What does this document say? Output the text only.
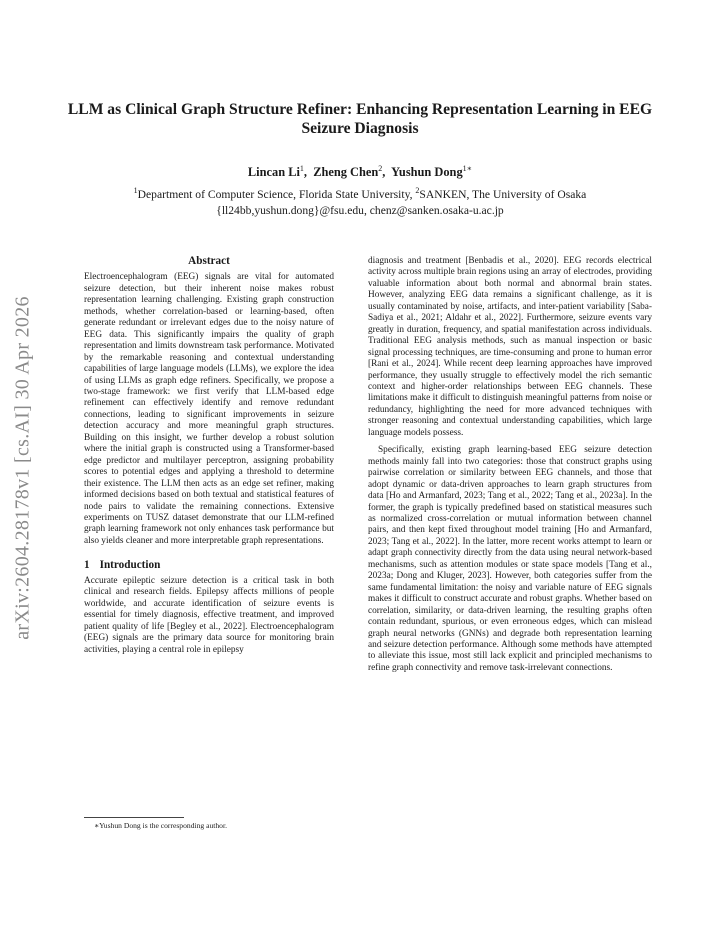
arXiv:2604.28178v1 [cs.AI] 30 Apr 2026
LLM as Clinical Graph Structure Refiner: Enhancing Representation Learning in EEG Seizure Diagnosis
Lincan Li$^1$,  Zheng Chen$^2$,  Yushun Dong$^{1∗}$
$^1$Department of Computer Science, Florida State University, $^2$SANKEN, The University of Osaka
{ll24bb,yushun.dong}@fsu.edu, chenz@sanken.osaka-u.ac.jp
Abstract

Electroencephalogram (EEG) signals are vital for automated seizure detection, but their inherent noise makes robust representation learning challenging. Existing graph construction methods, whether correlation-based or learning-based, often generate redundant or irrelevant edges due to the noisy nature of EEG data. This significantly impairs the quality of graph representation and limits downstream task performance. Motivated by the remarkable reasoning and contextual understanding capabilities of large language models (LLMs), we explore the idea of using LLMs as graph edge refiners. Specifically, we propose a two-stage framework: we first verify that LLM-based edge refinement can effectively identify and remove redundant connections, leading to significant improvements in seizure detection accuracy and more meaningful graph structures. Building on this insight, we further develop a robust solution where the initial graph is constructed using a Transformer-based edge predictor and multilayer perceptron, assigning probability scores to potential edges and applying a threshold to determine their existence. The LLM then acts as an edge set refiner, making informed decisions based on both textual and statistical features of node pairs to validate the remaining connections. Extensive experiments on TUSZ dataset demonstrate that our LLM-refined graph learning framework not only enhances task performance but also yields cleaner and more interpretable graph representations.

1 Introduction

Accurate epileptic seizure detection is a critical task in both clinical and research fields. Epilepsy affects millions of people worldwide, and accurate identification of seizure events is essential for timely diagnosis, effective treatment, and improved patient quality of life [Begley et al., 2022]. Electroencephalogram (EEG) signals are the primary data source for monitoring brain activities, playing a central role in epilepsy

diagnosis and treatment [Benbadis et al., 2020]. EEG records electrical activity across multiple brain regions using an array of electrodes, providing valuable information about both normal and abnormal brain states. However, analyzing EEG data remains a significant challenge, as it is usually contaminated by noise, artifacts, and inter-patient variability [Saba-Sadiya et al., 2021; Aldahr et al., 2022]. Furthermore, seizure events vary greatly in duration, frequency, and spatial manifestation across individuals. Traditional EEG analysis methods, such as manual inspection or basic signal processing techniques, are time-consuming and prone to human error [Rani et al., 2024]. While recent deep learning approaches have improved performance, they usually struggle to effectively model the rich semantic context and higher-order relationships between EEG channels. These limitations make it difficult to distinguish meaningful patterns from noise or redundancy, highlighting the need for more advanced techniques with stronger reasoning and contextual understanding capabilities, which large language models possess.

Specifically, existing graph learning-based EEG seizure detection methods mainly fall into two categories: those that construct graphs using pairwise correlation or similarity between EEG channels, and those that adopt dynamic or data-driven approaches to learn graph structures from data [Ho and Armanfard, 2023; Tang et al., 2022; Tang et al., 2023a]. In the former, the graph is typically predefined based on statistical measures such as normalized cross-correlation or mutual information between channel pairs, and then kept fixed throughout model training [Ho and Armanfard, 2023; Tang et al., 2022]. In the latter, more recent works attempt to learn or adapt graph connectivity directly from the data using neural network-based mechanisms, such as attention modules or state space models [Tang et al., 2023a; Dong and Kluger, 2023]. However, both categories suffer from the same fundamental limitation: the noisy and variable nature of EEG signals makes it difficult to construct accurate and robust graphs. Whether based on correlation, similarity, or data-driven learning, the resulting graphs often contain redundant, spurious, or even erroneous edges, which can mislead graph neural networks (GNNs) and degrade both representation learning and seizure detection performance. Although some methods have attempted to alleviate this issue, most still lack explicit and principled mechanisms to refine graph connectivity and remove task-irrelevant connections.

∗Yushun Dong is the corresponding author.
